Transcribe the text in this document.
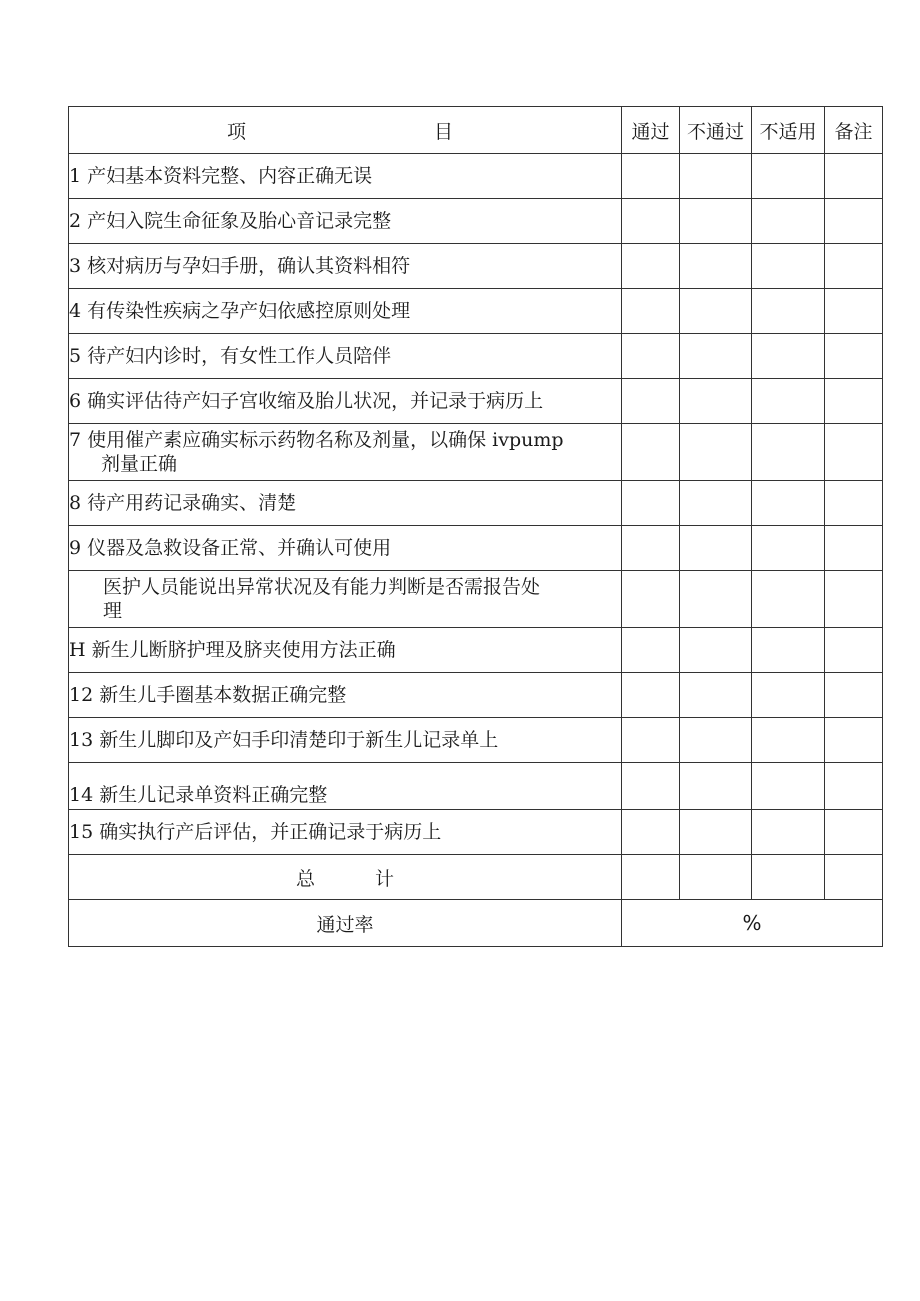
项 目	通过	不通过	不适用	备注
1 产妇基本资料完整、内容正确无误				
2 产妇入院生命征象及胎心音记录完整				
3 核对病历与孕妇手册，确认其资料相符				
4 有传染性疾病之孕产妇依感控原则处理				
5 待产妇内诊时，有女性工作人员陪伴				
6 确实评估待产妇子宫收缩及胎儿状况，并记录于病历上				
7 使用催产素应确实标示药物名称及剂量，以确保 ivpump
剂量正确				

8 待产用药记录确实、清楚				
9 仪器及急救设备正常、并确认可使用				
医护人员能说出异常状况及有能力判断是否需报告处
理				

H 新生儿断脐护理及脐夹使用方法正确				
12 新生儿手圈基本数据正确完整				
13 新生儿脚印及产妇手印清楚印于新生儿记录单上				
14 新生儿记录单资料正确完整				
15 确实执行产后评估，并正确记录于病历上				

总 计				

通过率	%			
